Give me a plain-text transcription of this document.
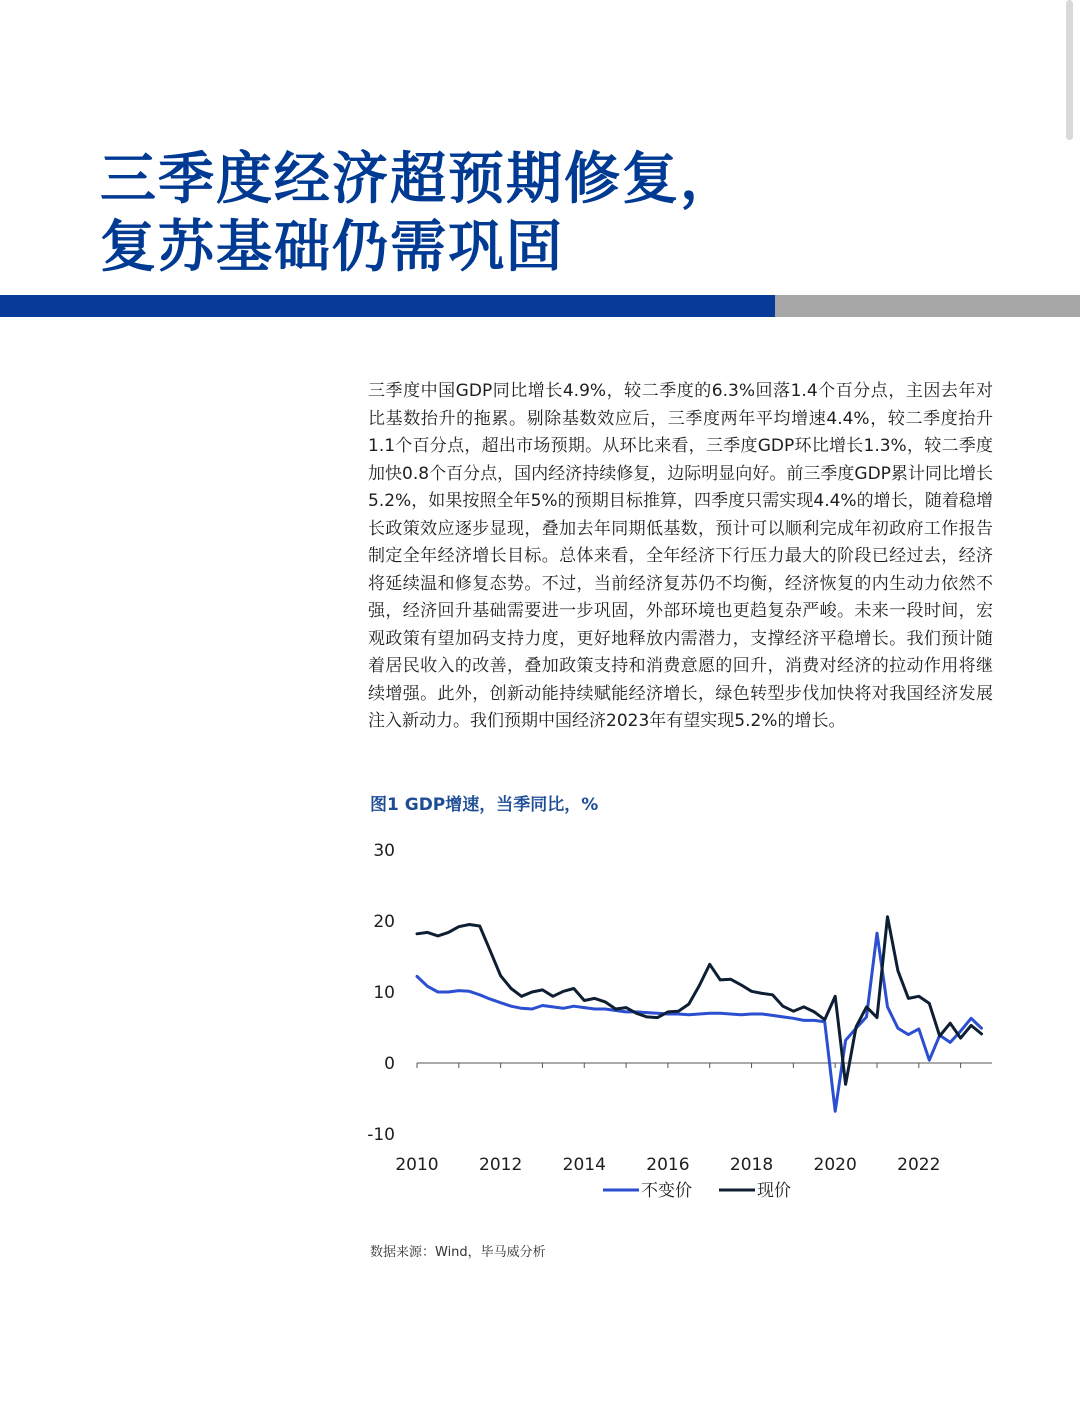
三季度经济超预期修复，
复苏基础仍需巩固

三季度中国GDP同比增长4.9%，较二季度的6.3%回落1.4个百分点，主因去年对比基数抬升的拖累。剔除基数效应后，三季度两年平均增速4.4%，较二季度抬升1.1个百分点，超出市场预期。从环比来看，三季度GDP环比增长1.3%，较二季度加快0.8个百分点，国内经济持续修复，边际明显向好。前三季度GDP累计同比增长5.2%，如果按照全年5%的预期目标推算，四季度只需实现4.4%的增长，随着稳增长政策效应逐步显现，叠加去年同期低基数，预计可以顺利完成年初政府工作报告制定全年经济增长目标。总体来看，全年经济下行压力最大的阶段已经过去，经济将延续温和修复态势。不过，当前经济复苏仍不均衡，经济恢复的内生动力依然不强，经济回升基础需要进一步巩固，外部环境也更趋复杂严峻。未来一段时间，宏观政策有望加码支持力度，更好地释放内需潜力，支撑经济平稳增长。我们预计随着居民收入的改善，叠加政策支持和消费意愿的回升，消费对经济的拉动作用将继续增强。此外，创新动能持续赋能经济增长，绿色转型步伐加快将对我国经济发展注入新动力。我们预期中国经济2023年有望实现5.2%的增长。

图1 GDP增速，当季同比，%

30
20
10
0
-10
2010 2012 2014 2016 2018 2020 2022
不变价	现价

数据来源：Wind，毕马威分析
